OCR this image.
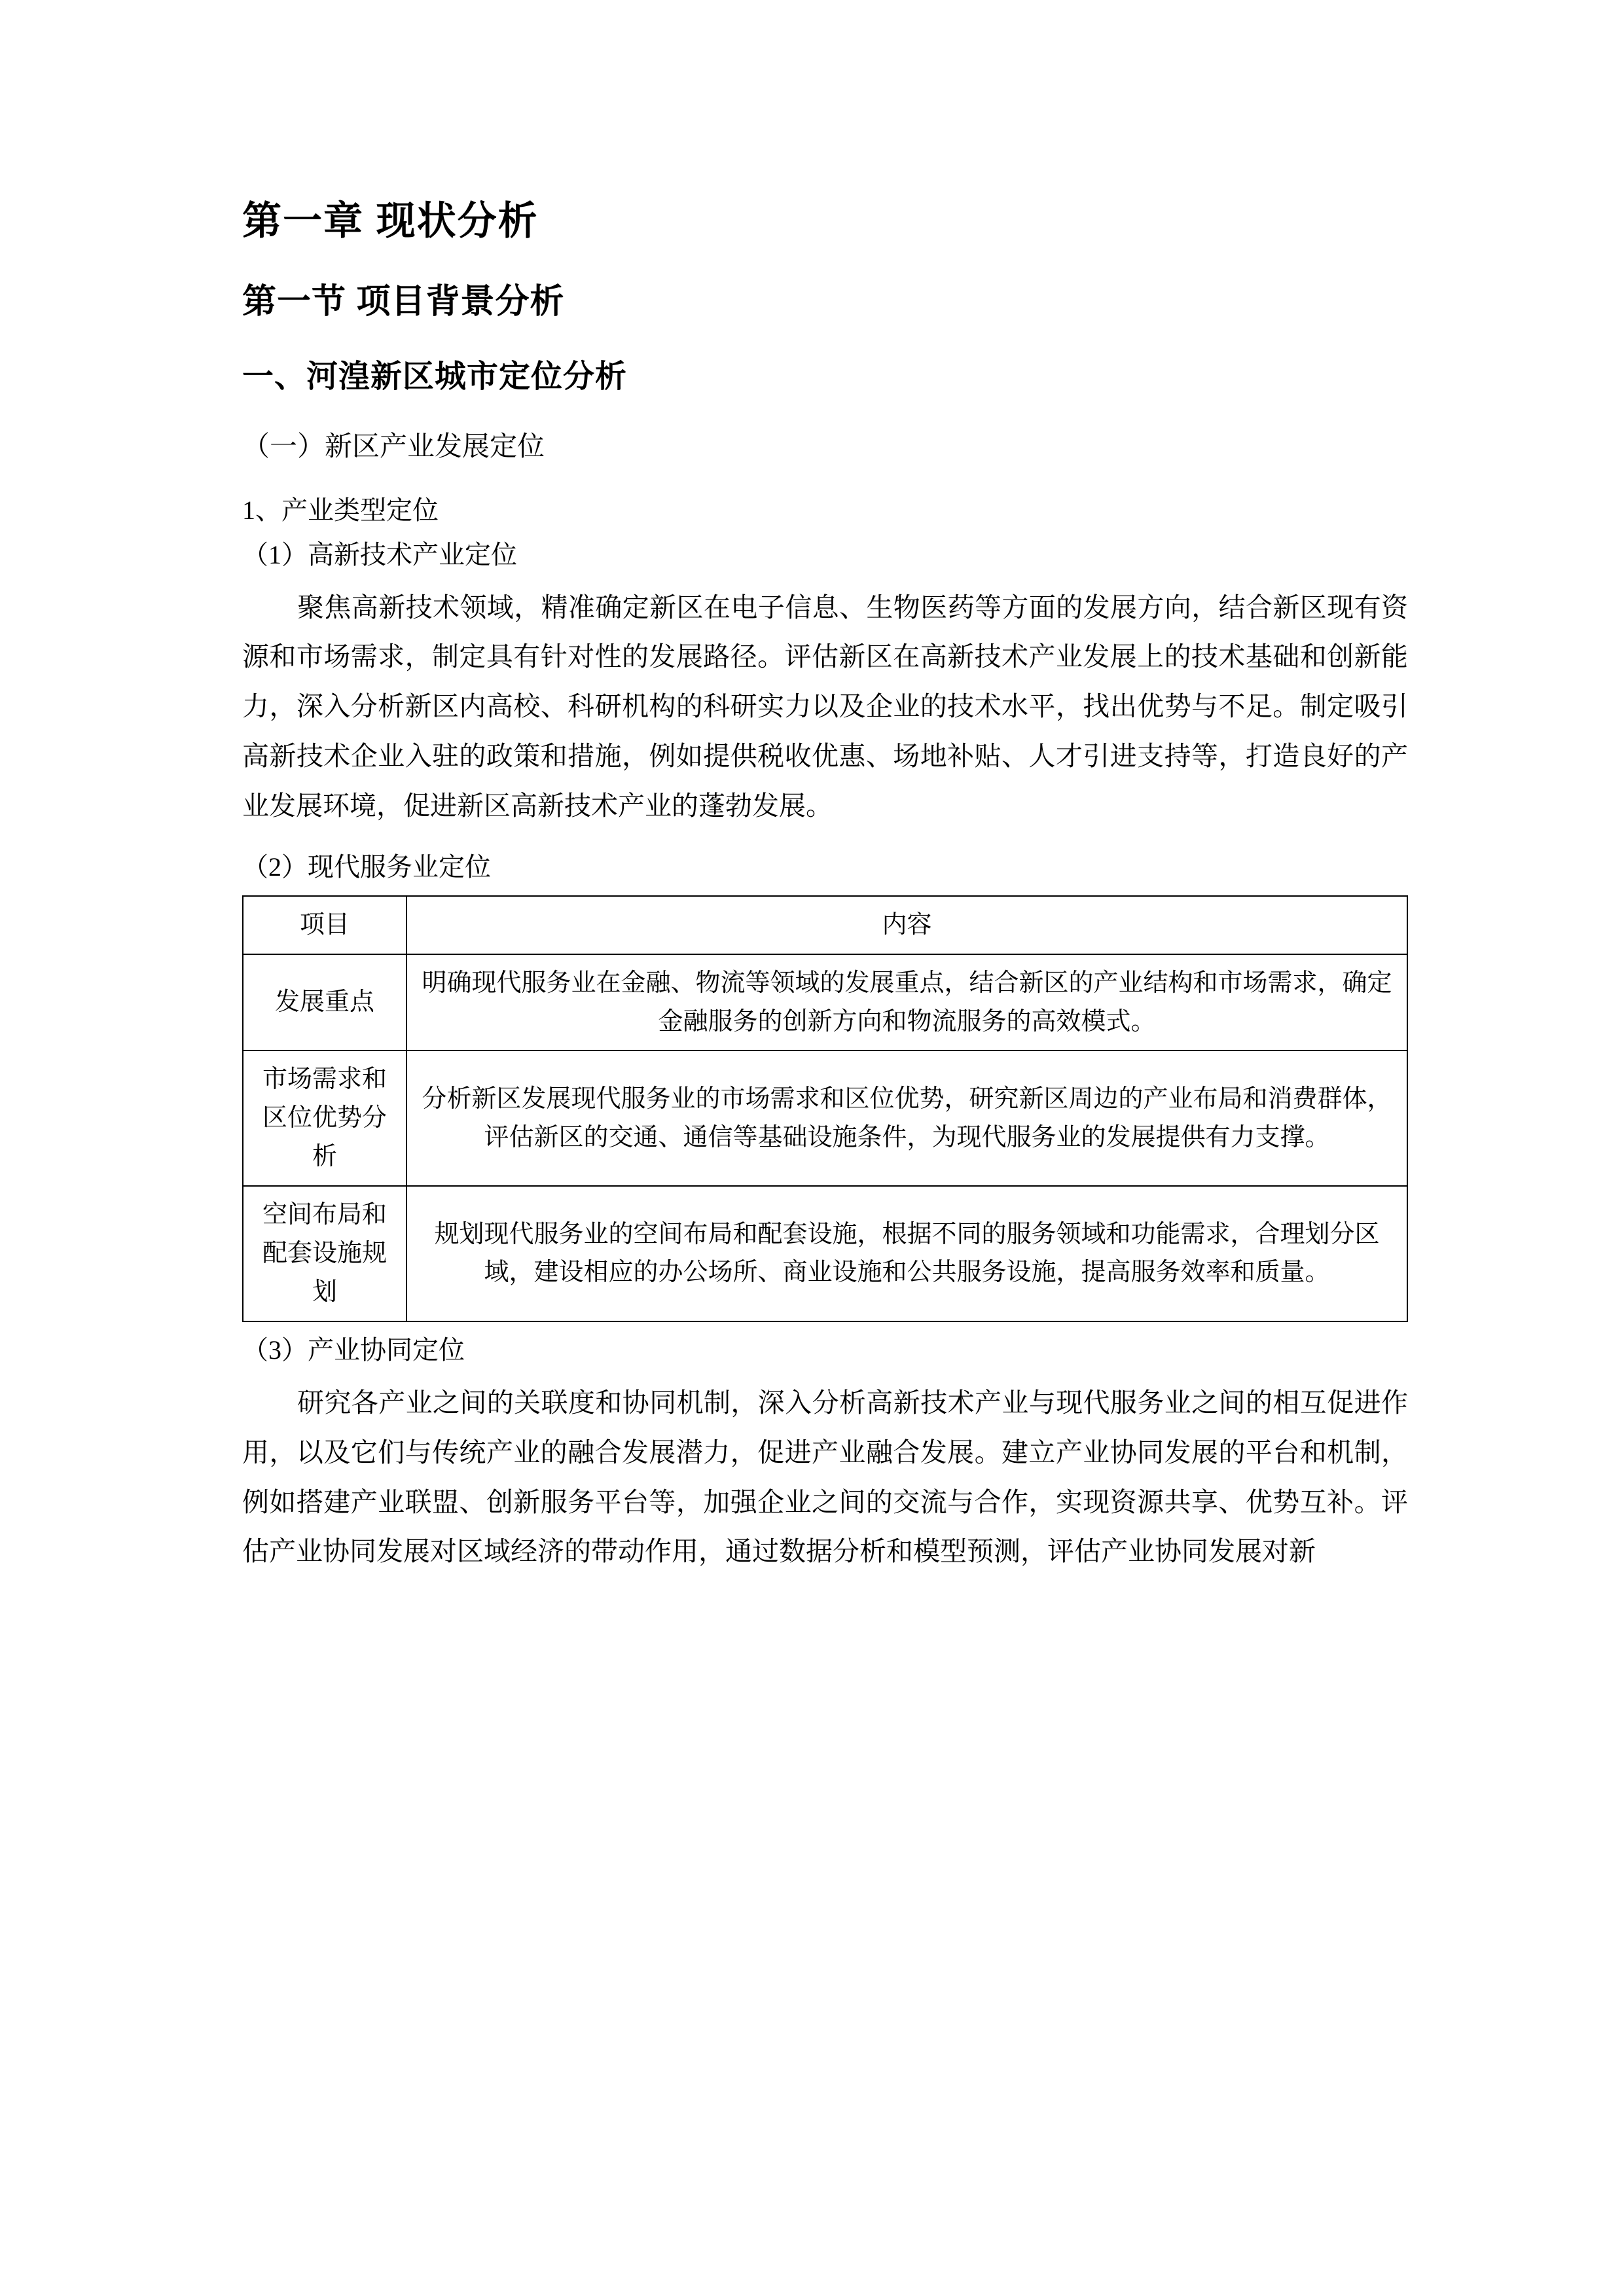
第一章 现状分析
第一节 项目背景分析
一、河湟新区城市定位分析
（一）新区产业发展定位
1、产业类型定位
（1）高新技术产业定位

聚焦高新技术领域，精准确定新区在电子信息、生物医药等方面的发展方向，结合新区现有资源和市场需求，制定具有针对性的发展路径。评估新区在高新技术产业发展上的技术基础和创新能力，深入分析新区内高校、科研机构的科研实力以及企业的技术水平，找出优势与不足。制定吸引高新技术企业入驻的政策和措施，例如提供税收优惠、场地补贴、人才引进支持等，打造良好的产业发展环境，促进新区高新技术产业的蓬勃发展。

（2）现代服务业定位
项目	内容
发展重点	明确现代服务业在金融、物流等领域的发展重点，结合新区的产业结构和市场需求，确定金融服务的创新方向和物流服务的高效模式。
市场需求和区位优势分析	分析新区发展现代服务业的市场需求和区位优势，研究新区周边的产业布局和消费群体，评估新区的交通、通信等基础设施条件，为现代服务业的发展提供有力支撑。
空间布局和配套设施规划	规划现代服务业的空间布局和配套设施，根据不同的服务领域和功能需求，合理划分区域，建设相应的办公场所、商业设施和公共服务设施，提高服务效率和质量。
（3）产业协同定位

研究各产业之间的关联度和协同机制，深入分析高新技术产业与现代服务业之间的相互促进作用，以及它们与传统产业的融合发展潜力，促进产业融合发展。建立产业协同发展的平台和机制，例如搭建产业联盟、创新服务平台等，加强企业之间的交流与合作，实现资源共享、优势互补。评估产业协同发展对区域经济的带动作用，通过数据分析和模型预测，评估产业协同发展对新
